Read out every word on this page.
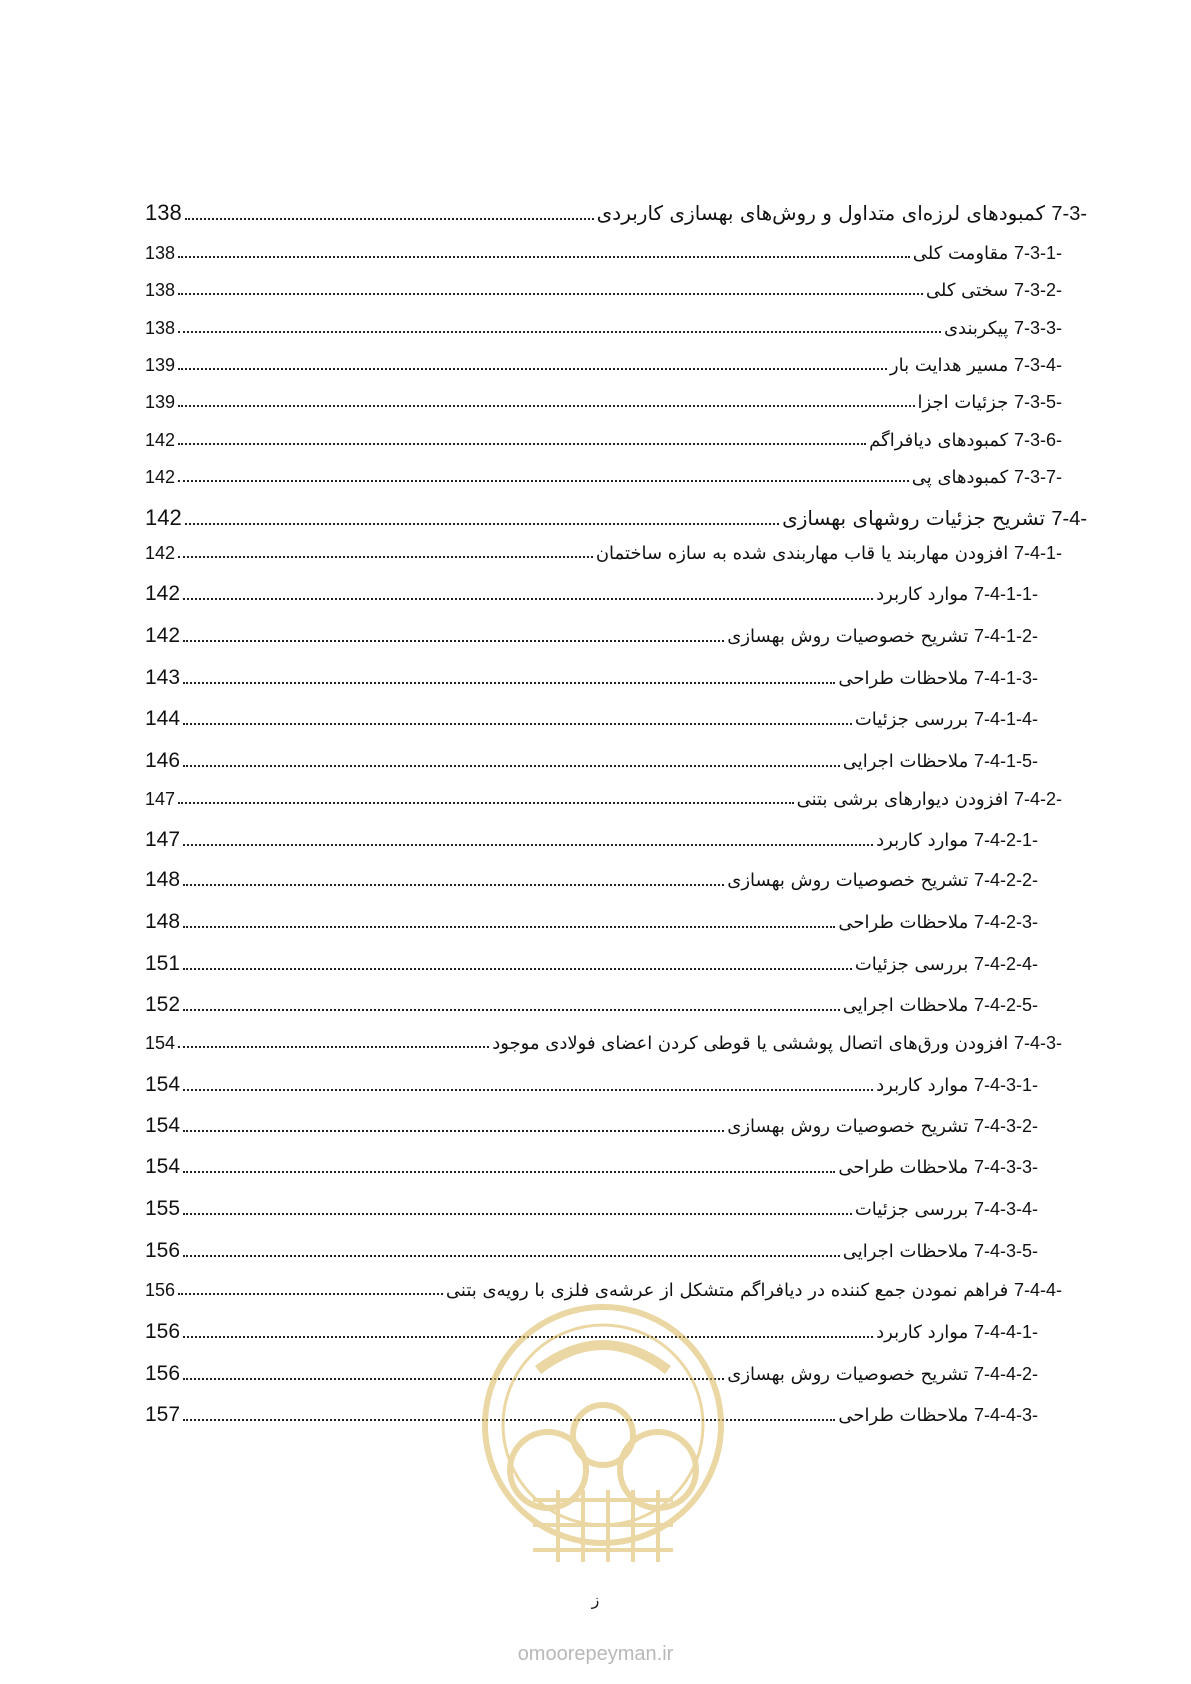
138	7-3- کمبودهای لرزه‌ای متداول و روش‌های بهسازی کاربردی
138	7-3-1- مقاومت کلی
138	7-3-2- سختی کلی
138	7-3-3- پیکربندی
139	7-3-4- مسیر هدایت بار
139	7-3-5- جزئیات اجزا
142	7-3-6- کمبودهای دیافراگم
142	7-3-7- کمبودهای پی
142	7-4- تشریح جزئیات روشهای بهسازی
142	7-4-1- افزودن مهاربند یا قاب مهاربندی شده به سازه ساختمان
142	7-4-1-1- موارد کاربرد
142	7-4-1-2- تشریح خصوصیات روش بهسازی
143	7-4-1-3- ملاحظات طراحی
144	7-4-1-4- بررسی جزئیات
146	7-4-1-5- ملاحظات اجرایی
147	7-4-2- افزودن دیوارهای برشی بتنی
147	7-4-2-1- موارد کاربرد
148	7-4-2-2- تشریح خصوصیات روش بهسازی
148	7-4-2-3- ملاحظات طراحی
151	7-4-2-4- بررسی جزئیات
152	7-4-2-5- ملاحظات اجرایی
154	7-4-3- افزودن ورق‌های اتصال پوششی یا قوطی کردن اعضای فولادی موجود
154	7-4-3-1- موارد کاربرد
154	7-4-3-2- تشریح خصوصیات روش بهسازی
154	7-4-3-3- ملاحظات طراحی
155	7-4-3-4- بررسی جزئیات
156	7-4-3-5- ملاحظات اجرایی
156	7-4-4- فراهم نمودن جمع کننده در دیافراگم متشکل از عرشه‌ی فلزی با رویه‌ی بتنی
156	7-4-4-1- موارد کاربرد
156	7-4-4-2- تشریح خصوصیات روش بهسازی
157	7-4-4-3- ملاحظات طراحی
ز
omoorepeyman.ir
